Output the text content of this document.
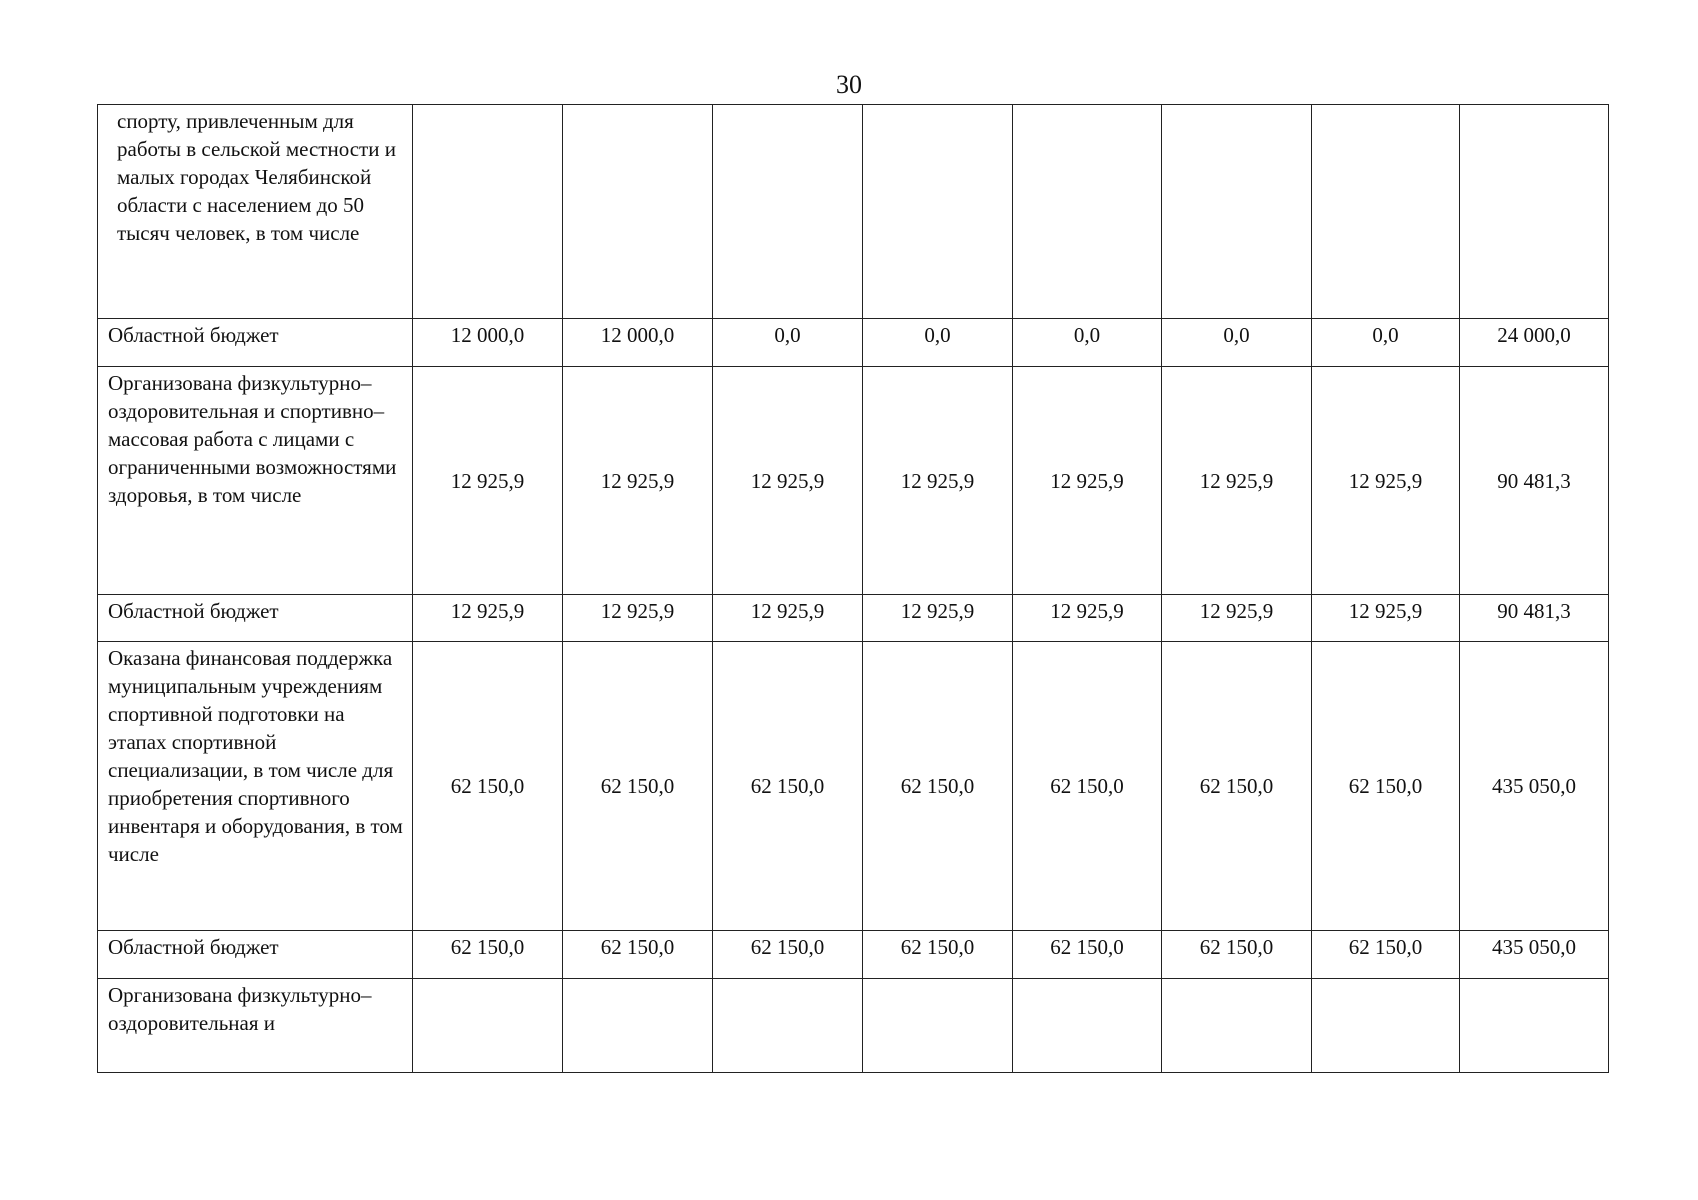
30
спорту, привлеченным для работы в сельской местности и малых городах Челябинской области с населением до 50 тысяч человек, в том числе								
Областной бюджет	12 000,0	12 000,0	0,0	0,0	0,0	0,0	0,0	24 000,0
Организована физкультурно–оздоровительная и спортивно–массовая работа с лицами с ограниченными возможностями здоровья, в том числе	12 925,9	12 925,9	12 925,9	12 925,9	12 925,9	12 925,9	12 925,9	90 481,3
Областной бюджет	12 925,9	12 925,9	12 925,9	12 925,9	12 925,9	12 925,9	12 925,9	90 481,3
Оказана финансовая поддержка муниципальным учреждениям спортивной подготовки на этапах спортивной специализации, в том числе для приобретения спортивного инвентаря и оборудования, в том числе	62 150,0	62 150,0	62 150,0	62 150,0	62 150,0	62 150,0	62 150,0	435 050,0
Областной бюджет	62 150,0	62 150,0	62 150,0	62 150,0	62 150,0	62 150,0	62 150,0	435 050,0
Организована физкультурно–оздоровительная и								
